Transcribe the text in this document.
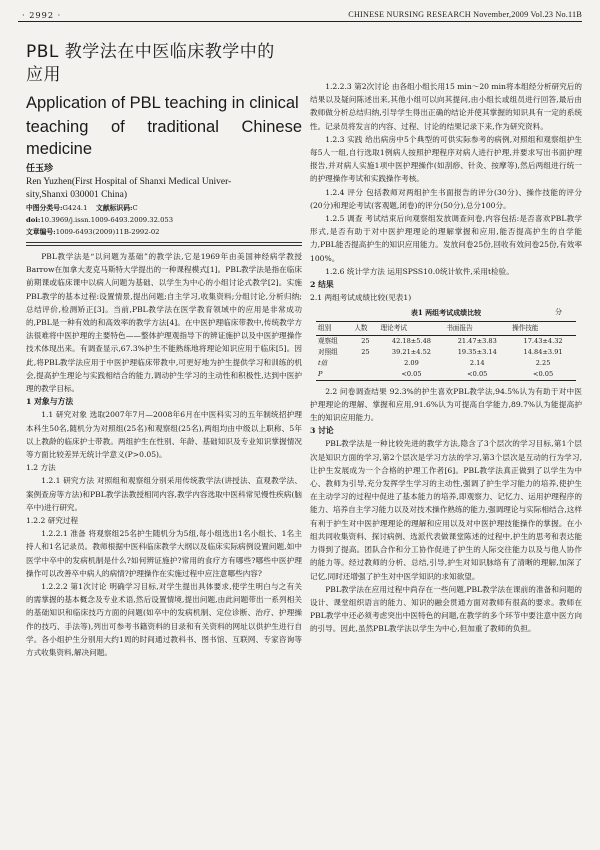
· 2992 ·	CHINESE NURSING RESEARCH November,2009 Vol.23 No.11B
PBL 教学法在中医临床教学中的
应用
Application of PBL teaching in clinical
teaching of traditional Chinese medicine
任玉珍
Ren Yuzhen(First Hospital of Shanxi Medical Univer-
sity,Shanxi 030001 China)
中图分类号:G424.1 文献标识码:C
doi:10.3969/j.issn.1009-6493.2009.32.053
文章编号:1009-6493(2009)11B-2992-02

PBL教学法是“以问题为基础”的教学法,它是1969年由美国神经病学教授Barrow在加拿大麦克马斯特大学提出的一种课程模式[1]。PBL教学法是指在临床前期课或临床课中以病人问题为基础、以学生为中心的小组讨论式教学[2]。实施PBL教学的基本过程:设置情景,提出问题;自主学习,收集资料;分组讨论,分析归纳;总结评价,检测矫正[3]。当前,PBL教学法在医学教育领域中的应用是非常成功的,PBL是一种有效的和高效率的教学方法[4]。在中医护理临床带教中,传统教学方法很难将中医护理的主要特色——整体护理观指导下的辨证施护以及中医护理操作技术体现出来。有调查显示,67.3%护生不能熟练地将理论知识应用于临床[5]。因此,将PBL教学法应用于中医护理临床带教中,可更好地为护生提供学习和训练的机会,提高护生理论与实践相结合的能力,调动护生学习的主动性和积极性,达到中医护理的教学目标。

1 对象与方法

1.1 研究对象 选取2007年7月—2008年6月在中医科实习的五年制统招护理本科生50名,随机分为对照组(25名)和观察组(25名),两组均由中级以上职称、5年以上教龄的临床护士带教。两组护生在性别、年龄、基础知识及专业知识掌握情况等方面比较差异无统计学意义(P>0.05)。

1.2 方法

1.2.1 研究方法 对照组和观察组分别采用传统教学法(讲授法、直观教学法、案例查房等方法)和PBL教学法教授相同内容,教学内容选取中医科常见慢性疾病(脑卒中)进行研究。

1.2.2 研究过程

1.2.2.1 准备 将观察组25名护生随机分为5组,每小组选出1名小组长、1名主持人和1名记录员。教师根据中医科临床教学大纲以及临床实际病例设置问题,如中医学中卒中的发病机制是什么?如何辨证施护?常用的食疗方有哪些?哪些中医护理操作可以改善卒中病人的病情?护理操作在实施过程中应注意哪些内容?

1.2.2.2 第1次讨论 明确学习目标,对学生提出具体要求,使学生明白与之有关的需掌握的基本概念及专业术语,然后设置情境,提出问题,由此问题带出一系列相关的基础知识和临床技巧方面的问题(如卒中的发病机制、定位诊断、治疗、护理操作的技巧、手法等),列出可参考书籍资料的目录和有关资料的网址以供护生进行自学。各小组护生分别用大约1周的时间通过教科书、图书馆、互联网、专家咨询等方式收集资料,解决问题。

1.2.2.3 第2次讨论 由各组小组长用15 min～20 min将本组经分析研究后的结果以及疑问陈述出来,其他小组可以向其提问,由小组长或组员进行回答,最后由教师做分析总结归纳,引导学生得出正确的结论并使其掌握的知识具有一定的系统性。记录员将发言的内容、过程、讨论的结果记录下来,作为研究资料。

1.2.3 实践 给出病房中5个典型的可供实际参考的病例,对照组和观察组护生每5人一组,自行选取1例病人按照护理程序对病人进行护理,并要求写出书面护理报告,并对病人实施1项中医护理操作(如刮痧、针灸、按摩等),然后两组进行统一的护理操作考试和实践操作考核。

1.2.4 评分 包括教师对两组护生书面报告的评分(30分)、操作技能的评分(20分)和理论考试(客观题,闭卷)的评分(50分),总分100分。

1.2.5 调查 考试结束后向观察组发放调查问卷,内容包括:是否喜欢PBL教学形式,是否有助于对中医护理理论的理解掌握和应用,能否提高护生的自学能力,PBL能否提高护生的知识应用能力。发放问卷25份,回收有效问卷25份,有效率100%。

1.2.6 统计学方法 运用SPSS10.0统计软件,采用t检验。

2 结果

2.1 两组考试成绩比较(见表1)

表1 两组考试成绩比较	分
组别	人数	理论考试	书面报告	操作技能
观察组	25	42.18±5.48	21.47±3.83	17.43±4.32
对照组	25	39.21±4.52	19.35±3.14	14.84±3.91
t值		2.09	2.14	2.25
P		<0.05	<0.05	<0.05

2.2 问卷调查结果 92.3%的护生喜欢PBL教学法,94.5%认为有助于对中医护理理论的理解、掌握和应用,91.6%认为可提高自学能力,89.7%认为能提高护生的知识应用能力。

3 讨论

PBL教学法是一种比较先进的教学方法,隐含了3个层次的学习目标,第1个层次是知识方面的学习,第2个层次是学习方法的学习,第3个层次是互动的行为学习,让护生发展成为一个合格的护理工作者[6]。PBL教学法真正做到了以学生为中心、教师为引导,充分发挥学生学习的主动性,强调了护生学习能力的培养,使护生在主动学习的过程中促进了基本能力的培养,即观察力、记忆力、运用护理程序的能力、培养自主学习能力以及对技术操作熟练的能力,强调理论与实际相结合,这样有利于护生对中医护理理论的理解和应用以及对中医护理技能操作的掌握。在小组共同收集资料、探讨病例、选派代表做课堂陈述的过程中,护生的思考和表达能力得到了提高。团队合作和分工协作促进了护生的人际交往能力以及与他人协作的能力等。经过教师的分析、总结,引导,护生对知识脉络有了清晰的理解,加深了记忆,同时还增强了护生对中医学知识的求知欲望。

PBL教学法在应用过程中尚存在一些问题,PBL教学法在课前的准备和问题的设计、课堂组织语言的能力、知识的融会贯通方面对教师有很高的要求。教师在PBL教学中还必须考虑突出中医特色的问题,在教学的多个环节中要注意中医方向的引导。因此,虽然PBL教学法以学生为中心,但加重了教师的负担。
